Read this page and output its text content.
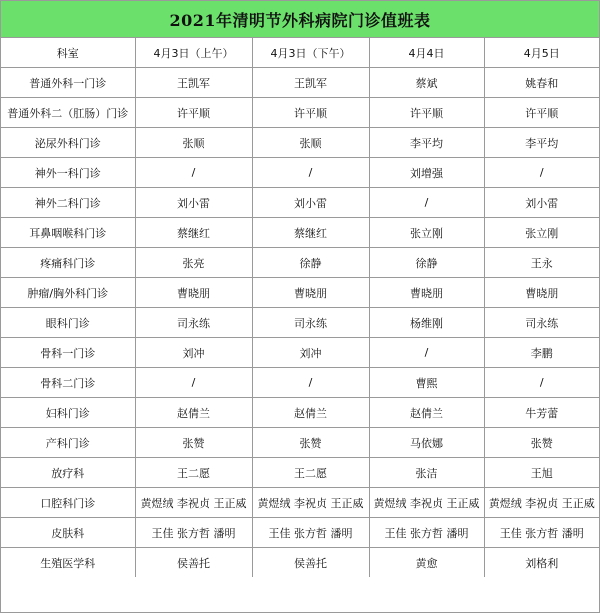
2021年清明节外科病院门诊值班表
科室	4月3日（上午）	4月3日（下午）	4月4日	4月5日
普通外科一门诊	王凯军	王凯军	蔡斌	姚春和
普通外科二（肛肠）门诊	许平顺	许平顺	许平顺	许平顺
泌尿外科门诊	张顺	张顺	李平均	李平均
神外一科门诊	/	/	刘增强	/
神外二科门诊	刘小雷	刘小雷	/	刘小雷
耳鼻咽喉科门诊	蔡继红	蔡继红	张立刚	张立刚
疼痛科门诊	张亮	徐静	徐静	王永
肿瘤/胸外科门诊	曹晓朋	曹晓朋	曹晓朋	曹晓朋
眼科门诊	司永练	司永练	杨维刚	司永练
骨科一门诊	刘冲	刘冲	/	李鹏
骨科二门诊	/	/	曹熙	/
妇科门诊	赵倩兰	赵倩兰	赵倩兰	牛芳蕾
产科门诊	张赞	张赞	马依娜	张赞
放疗科	王二愿	王二愿	张洁	王旭
口腔科门诊	黄煜绒 李祝贞 王正威	黄煜绒 李祝贞 王正威	黄煜绒 李祝贞 王正威	黄煜绒 李祝贞 王正威
皮肤科	王佳 张方哲 潘明	王佳 张方哲 潘明	王佳 张方哲 潘明	王佳 张方哲 潘明
生殖医学科	侯善托	侯善托	黄愈	刘格利
